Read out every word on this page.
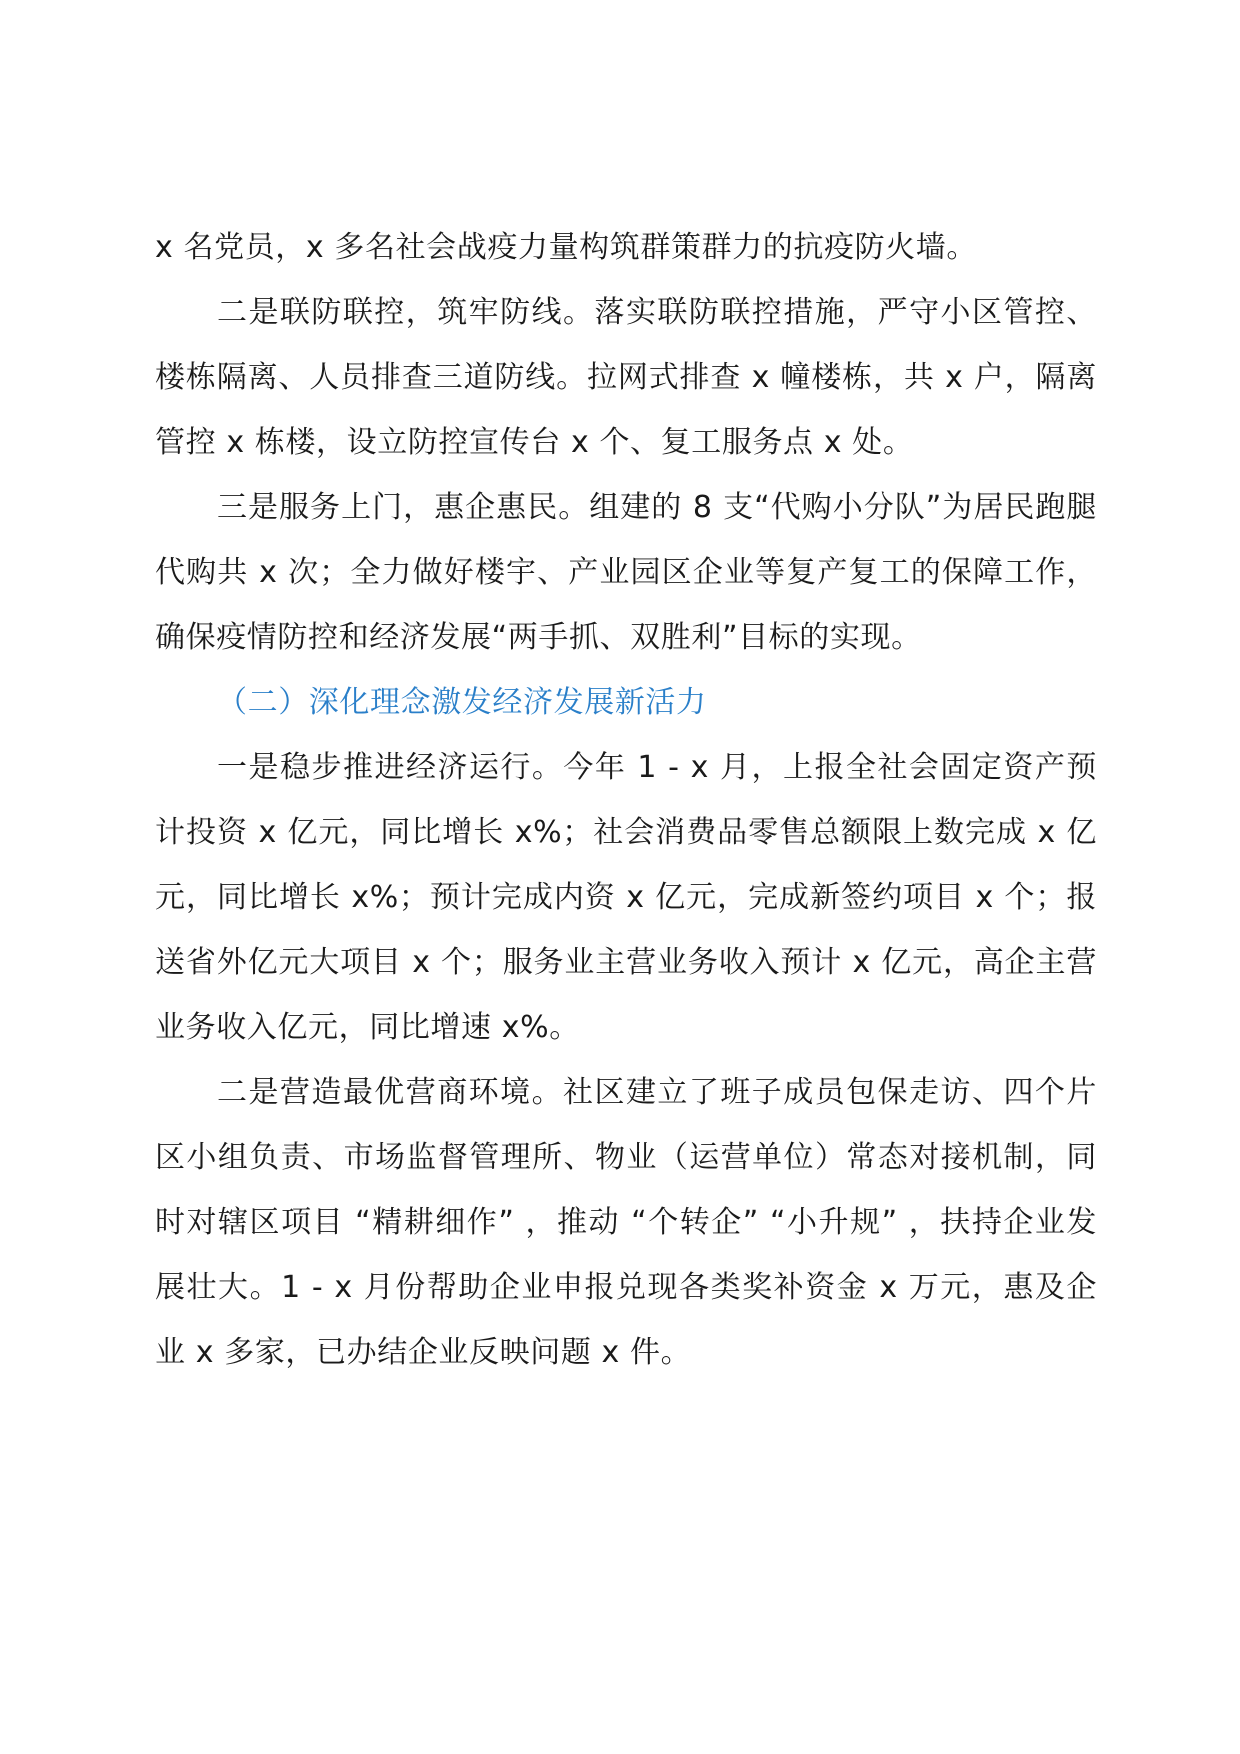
x 名党员，x 多名社会战疫力量构筑群策群力的抗疫防火墙。

二是联防联控，筑牢防线。落实联防联控措施，严守小区管控、楼栋隔离、人员排查三道防线。拉网式排查 x 幢楼栋，共 x 户，隔离管控 x 栋楼，设立防控宣传台 x 个、复工服务点 x 处。

三是服务上门，惠企惠民。组建的 8 支“代购小分队”为居民跑腿代购共 x 次；全力做好楼宇、产业园区企业等复产复工的保障工作，确保疫情防控和经济发展“两手抓、双胜利”目标的实现。

（二）深化理念激发经济发展新活力

一是稳步推进经济运行。今年 1 - x 月，上报全社会固定资产预计投资 x 亿元，同比增长 x%；社会消费品零售总额限上数完成 x 亿元，同比增长 x%；预计完成内资 x 亿元，完成新签约项目 x 个；报送省外亿元大项目 x 个；服务业主营业务收入预计 x 亿元，高企主营业务收入亿元，同比增速 x%。

二是营造最优营商环境。社区建立了班子成员包保走访、四个片区小组负责、市场监督管理所、物业（运营单位）常态对接机制，同时对辖区项目 “精耕细作” ，推动 “个转企” “小升规” ，扶持企业发展壮大。1 - x 月份帮助企业申报兑现各类奖补资金 x 万元，惠及企业 x 多家，已办结企业反映问题 x 件。
